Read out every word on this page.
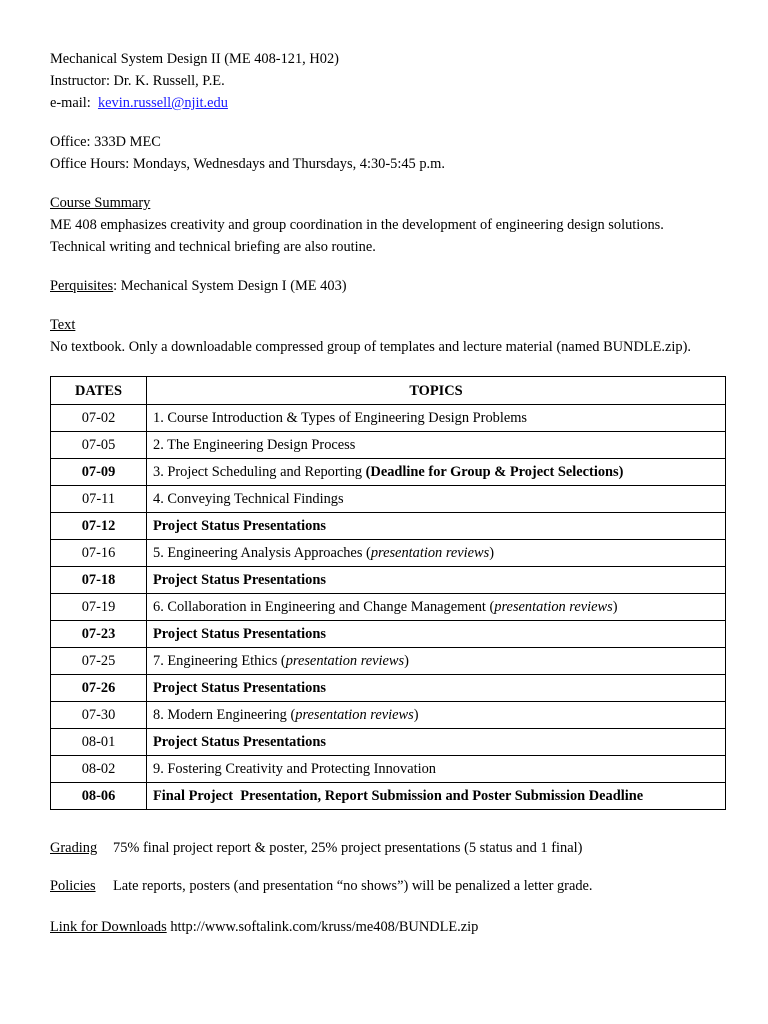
Mechanical System Design II (ME 408-121, H02)
Instructor: Dr. K. Russell, P.E.
e-mail: kevin.russell@njit.edu
Office: 333D MEC
Office Hours: Mondays, Wednesdays and Thursdays, 4:30-5:45 p.m.
Course Summary
ME 408 emphasizes creativity and group coordination in the development of engineering design solutions.
Technical writing and technical briefing are also routine.
Perquisites: Mechanical System Design I (ME 403)
Text
No textbook. Only a downloadable compressed group of templates and lecture material (named BUNDLE.zip).
DATES	TOPICS
07-02	1. Course Introduction & Types of Engineering Design Problems
07-05	2. The Engineering Design Process
07-09	3. Project Scheduling and Reporting (Deadline for Group & Project Selections)
07-11	4. Conveying Technical Findings
07-12	Project Status Presentations
07-16	5. Engineering Analysis Approaches (presentation reviews)
07-18	Project Status Presentations
07-19	6. Collaboration in Engineering and Change Management (presentation reviews)
07-23	Project Status Presentations
07-25	7. Engineering Ethics (presentation reviews)
07-26	Project Status Presentations
07-30	8. Modern Engineering (presentation reviews)
08-01	Project Status Presentations
08-02	9. Fostering Creativity and Protecting Innovation
08-06	Final Project  Presentation, Report Submission and Poster Submission Deadline
Grading 75% final project report & poster, 25% project presentations (5 status and 1 final)
Policies Late reports, posters (and presentation “no shows”) will be penalized a letter grade.
Link for Downloads http://www.softalink.com/kruss/me408/BUNDLE.zip
